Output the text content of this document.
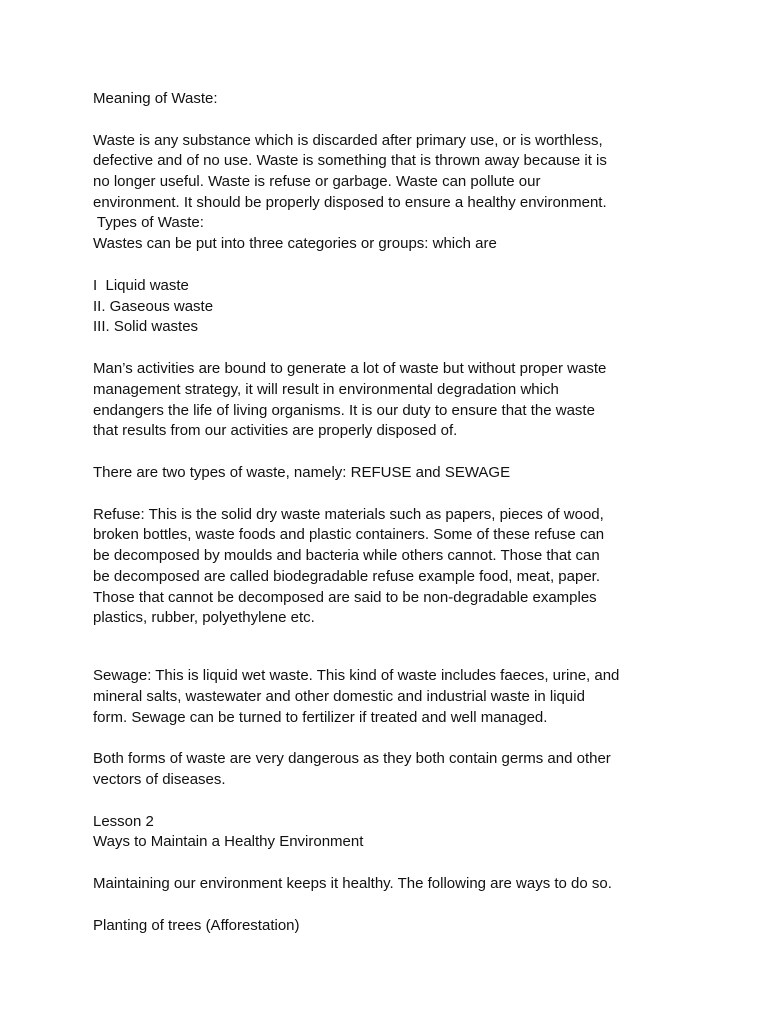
Meaning of Waste:

Waste is any substance which is discarded after primary use, or is worthless,

defective and of no use. Waste is something that is thrown away because it is

no longer useful. Waste is refuse or garbage. Waste can pollute our

environment. It should be properly disposed to ensure a healthy environment.

Types of Waste:

Wastes can be put into three categories or groups: which are

I  Liquid waste

II. Gaseous waste

III. Solid wastes

Man’s activities are bound to generate a lot of waste but without proper waste

management strategy, it will result in environmental degradation which

endangers the life of living organisms. It is our duty to ensure that the waste

that results from our activities are properly disposed of.

There are two types of waste, namely: REFUSE and SEWAGE

Refuse: This is the solid dry waste materials such as papers, pieces of wood,

broken bottles, waste foods and plastic containers. Some of these refuse can

be decomposed by moulds and bacteria while others cannot. Those that can

be decomposed are called biodegradable refuse example food, meat, paper.

Those that cannot be decomposed are said to be non-degradable examples

plastics, rubber, polyethylene etc.

Sewage: This is liquid wet waste. This kind of waste includes faeces, urine, and

mineral salts, wastewater and other domestic and industrial waste in liquid

form. Sewage can be turned to fertilizer if treated and well managed.

Both forms of waste are very dangerous as they both contain germs and other

vectors of diseases.

Lesson 2

Ways to Maintain a Healthy Environment

Maintaining our environment keeps it healthy. The following are ways to do so.

Planting of trees (Afforestation)
